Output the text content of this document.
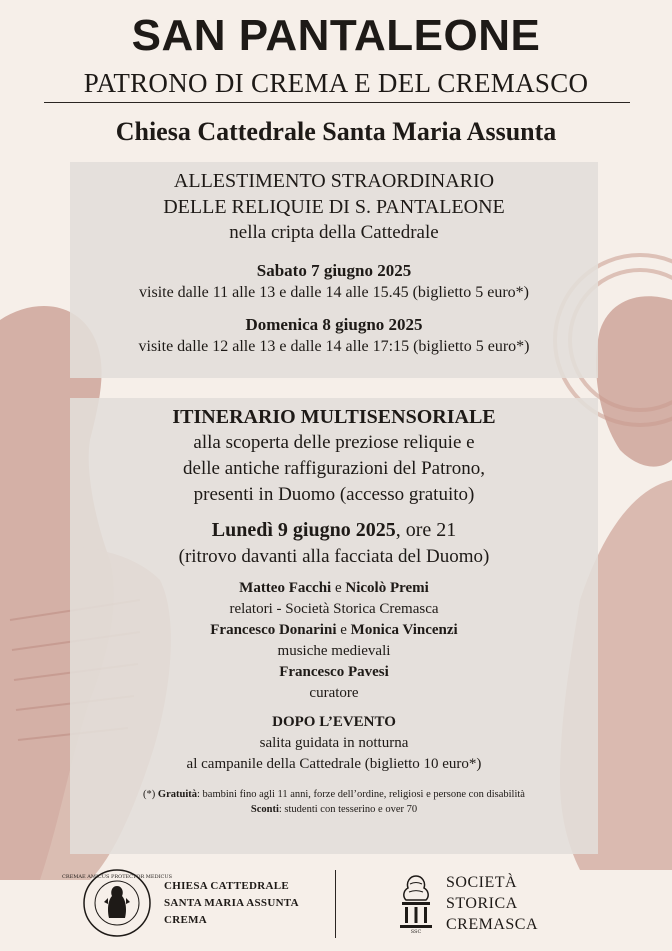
SAN PANTALEONE
PATRONO DI CREMA E DEL CREMASCO
Chiesa Cattedrale Santa Maria Assunta
ALLESTIMENTO STRAORDINARIO
DELLE RELIQUIE DI S. PANTALEONE
nella cripta della Cattedrale
Sabato 7 giugno 2025
visite dalle 11 alle 13 e dalle 14 alle 15.45 (biglietto 5 euro*)
Domenica 8 giugno 2025
visite dalle 12 alle 13 e dalle 14 alle 17:15 (biglietto 5 euro*)
ITINERARIO MULTISENSORIALE
alla scoperta delle preziose reliquie e
delle antiche raffigurazioni del Patrono,
presenti in Duomo (accesso gratuito)
Lunedì 9 giugno 2025, ore 21
(ritrovo davanti alla facciata del Duomo)
Matteo Facchi e Nicolò Premi
relatori - Società Storica Cremasca
Francesco Donarini e Monica Vincenzi
musiche medievali
Francesco Pavesi
curatore
DOPO L’EVENTO
salita guidata in notturna
al campanile della Cattedrale (biglietto 10 euro*)
(*) Gratuità: bambini fino agli 11 anni, forze dell’ordine, religiosi e persone con disabilità
Sconti: studenti con tesserino e over 70
CREMAE AMICUS PROTECTOR MEDICUS
CHIESA CATTEDRALE
SANTA MARIA ASSUNTA
CREMA
SSC
SOCIETÀ
STORICA
CREMASCA
